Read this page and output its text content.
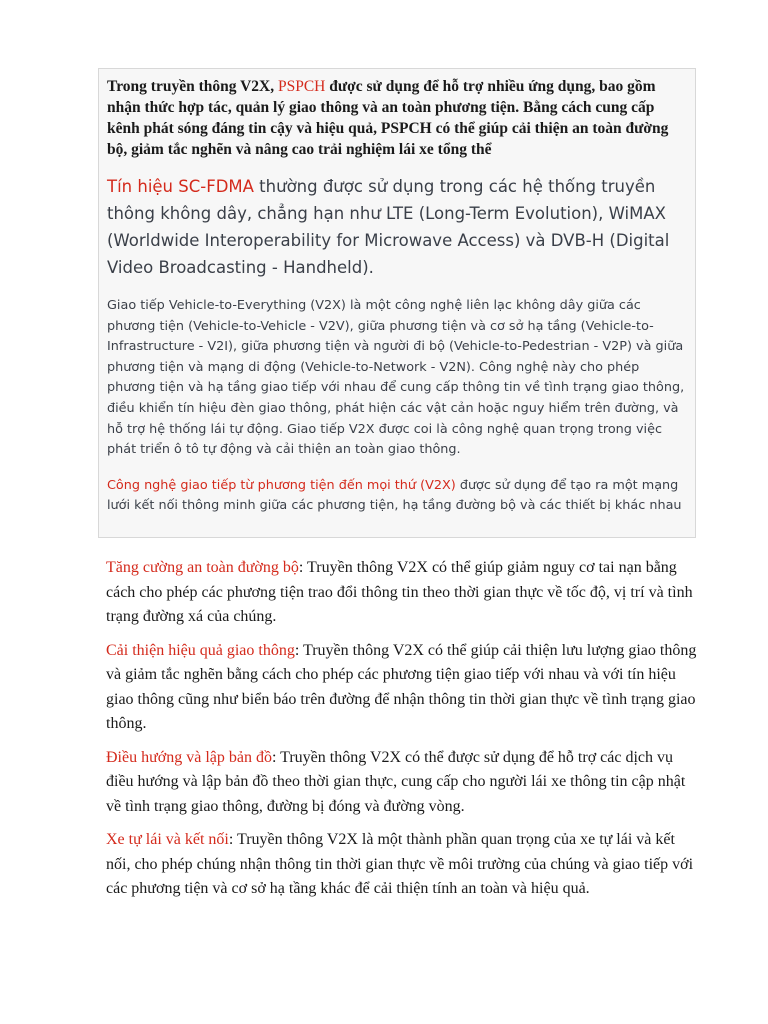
Trong truyền thông V2X, PSPCH được sử dụng để hỗ trợ nhiều ứng dụng, bao gồm nhận thức hợp tác, quản lý giao thông và an toàn phương tiện. Bằng cách cung cấp kênh phát sóng đáng tin cậy và hiệu quả, PSPCH có thể giúp cải thiện an toàn đường bộ, giảm tắc nghẽn và nâng cao trải nghiệm lái xe tổng thể

Tín hiệu SC-FDMA thường được sử dụng trong các hệ thống truyền thông không dây, chẳng hạn như LTE (Long-Term Evolution), WiMAX (Worldwide Interoperability for Microwave Access) và DVB-H (Digital Video Broadcasting - Handheld).

Giao tiếp Vehicle-to-Everything (V2X) là một công nghệ liên lạc không dây giữa các phương tiện (Vehicle-to-Vehicle - V2V), giữa phương tiện và cơ sở hạ tầng (Vehicle-to-Infrastructure - V2I), giữa phương tiện và người đi bộ (Vehicle-to-Pedestrian - V2P) và giữa phương tiện và mạng di động (Vehicle-to-Network - V2N). Công nghệ này cho phép phương tiện và hạ tầng giao tiếp với nhau để cung cấp thông tin về tình trạng giao thông, điều khiển tín hiệu đèn giao thông, phát hiện các vật cản hoặc nguy hiểm trên đường, và hỗ trợ hệ thống lái tự động. Giao tiếp V2X được coi là công nghệ quan trọng trong việc phát triển ô tô tự động và cải thiện an toàn giao thông.

Công nghệ giao tiếp từ phương tiện đến mọi thứ (V2X) được sử dụng để tạo ra một mạng lưới kết nối thông minh giữa các phương tiện, hạ tầng đường bộ và các thiết bị khác nhau

Tăng cường an toàn đường bộ: Truyền thông V2X có thể giúp giảm nguy cơ tai nạn bằng cách cho phép các phương tiện trao đổi thông tin theo thời gian thực về tốc độ, vị trí và tình trạng đường xá của chúng.

Cải thiện hiệu quả giao thông: Truyền thông V2X có thể giúp cải thiện lưu lượng giao thông và giảm tắc nghẽn bằng cách cho phép các phương tiện giao tiếp với nhau và với tín hiệu giao thông cũng như biển báo trên đường để nhận thông tin thời gian thực về tình trạng giao thông.

Điều hướng và lập bản đồ: Truyền thông V2X có thể được sử dụng để hỗ trợ các dịch vụ điều hướng và lập bản đồ theo thời gian thực, cung cấp cho người lái xe thông tin cập nhật về tình trạng giao thông, đường bị đóng và đường vòng.

Xe tự lái và kết nối: Truyền thông V2X là một thành phần quan trọng của xe tự lái và kết nối, cho phép chúng nhận thông tin thời gian thực về môi trường của chúng và giao tiếp với các phương tiện và cơ sở hạ tầng khác để cải thiện tính an toàn và hiệu quả.
